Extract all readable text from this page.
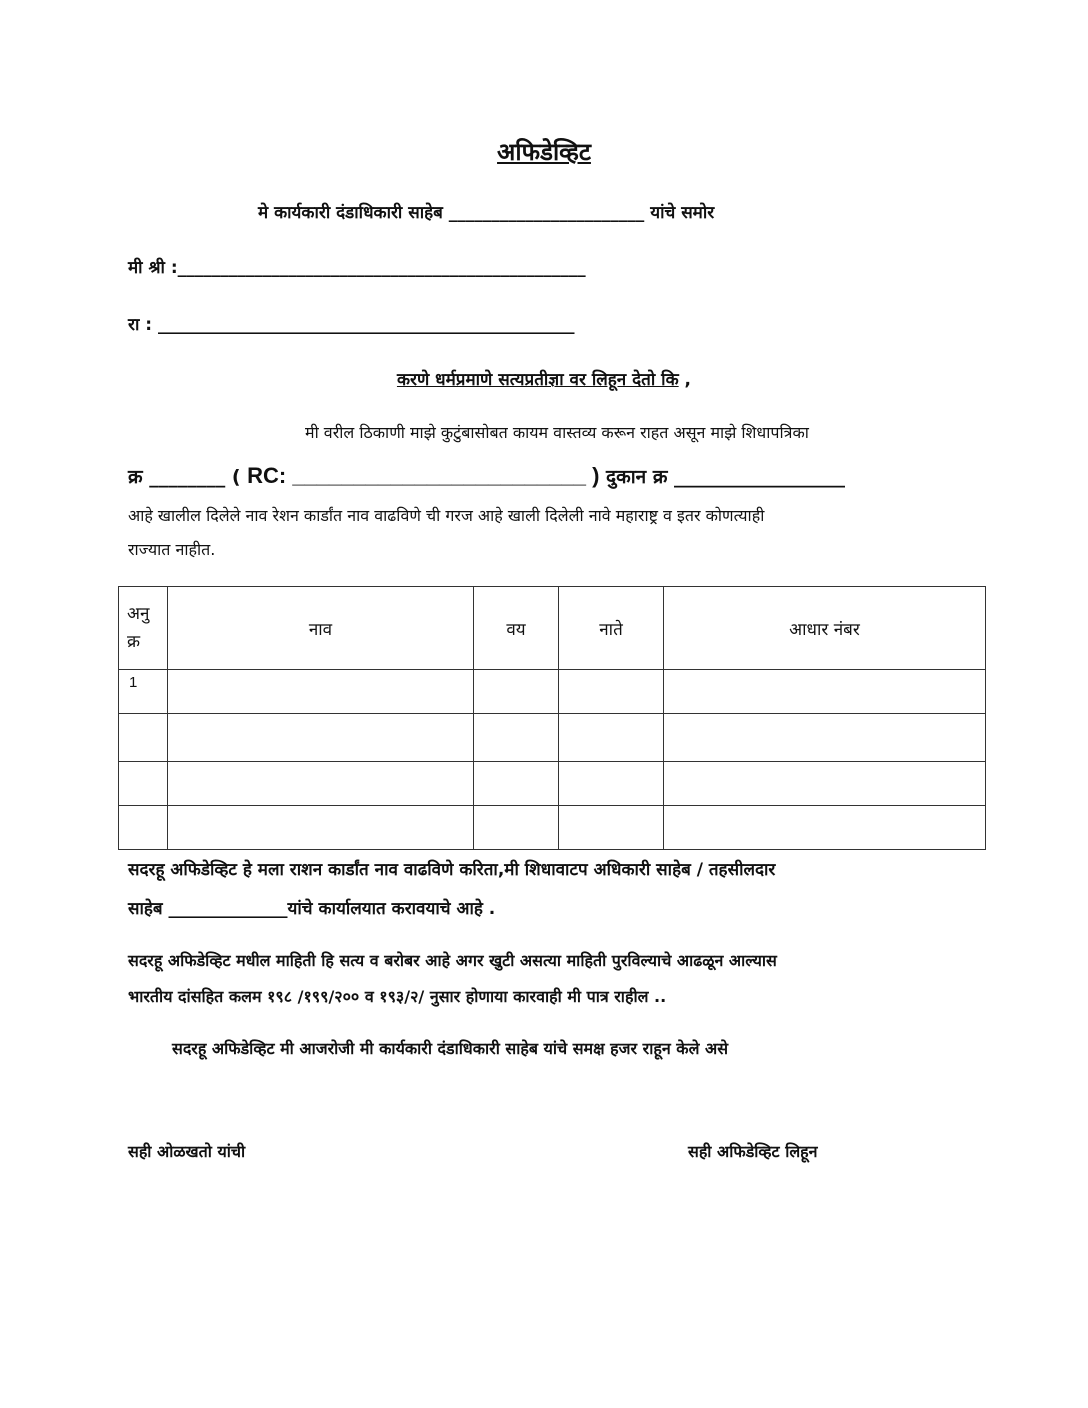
अफिडेव्हिट
मे कार्यकारी दंडाधिकारी साहेब _______________________ यांचे समोर
मी श्री :________________________________________________
रा : _________________________________________________
करणे धर्मप्रमाणे सत्यप्रतीज्ञा वर लिहून देतो कि ,
मी वरील ठिकाणी माझे कुटुंबासोबत कायम वास्तव्य करून राहत असून माझे शिधापत्रिका
क्र ________ ( RC: ________________________ ) दुकान क्र __________________
आहे खालील दिलेले नाव रेशन कार्डांत नाव वाढविणे ची गरज आहे खाली दिलेली नावे महाराष्ट्र व इतर कोणत्याही
राज्यात नाहीत.
अनु
क्र	नाव	वय	नाते	आधार नंबर
1				

सदरहू अफिडेव्हिट हे मला राशन कार्डांत नाव वाढविणे करिता,मी शिधावाटप अधिकारी साहेब / तहसीलदार
साहेब ______________यांचे कार्यालयात करावयाचे आहे .
सदरहू अफिडेव्हिट मधील माहिती हि सत्य व बरोबर आहे अगर खुटी असत्या माहिती पुरविल्याचे आढळून आल्यास
भारतीय दांसहित कलम १९८ /१९९/२०० व १९३/२/ नुसार होणाया कारवाही मी पात्र राहील ..
सदरहू अफिडेव्हिट मी आजरोजी मी कार्यकारी दंडाधिकारी साहेब यांचे समक्ष हजर राहून केले असे
सही ओळखतो यांची	सही अफिडेव्हिट लिहून
